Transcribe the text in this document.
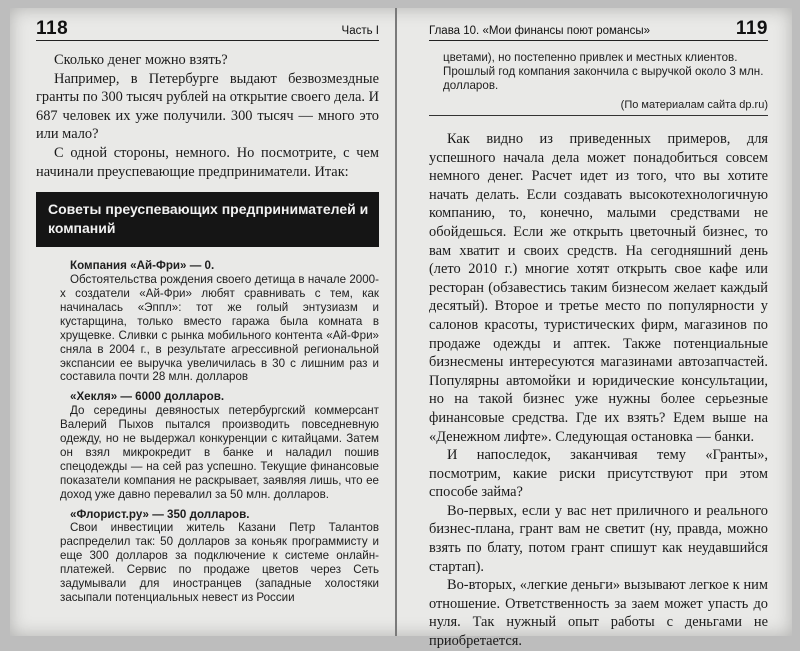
118	Часть I

Сколько денег можно взять?

Например, в Петербурге выдают безвозмездные гранты по 300 тысяч рублей на открытие своего дела. И 687 человек их уже получили. 300 тысяч — много это или мало?

С одной стороны, немного. Но посмотрите, с чем начинали преуспевающие предприниматели. Итак:

Советы преуспевающих предпринимателей и компаний
Компания «Ай-Фри» — 0.
Обстоятельства рождения своего детища в начале 2000-х создатели «Ай-Фри» любят сравнивать с тем, как начиналась «Эппл»: тот же голый энтузиазм и кустарщина, только вместо гаража была комната в хрущевке. Сливки с рынка мобильного контента «Ай-Фри» сняла в 2004 г., в результате агрессивной региональной экспансии ее выручка увеличилась в 30 с лишним раз и составила почти 28 млн. долларов
«Хекля» — 6000 долларов.
До середины девяностых петербургский коммерсант Валерий Пыхов пытался производить повседневную одежду, но не выдержал конкуренции с китайцами. Затем он взял микрокредит в банке и наладил пошив спецодежды — на сей раз успешно. Текущие финансовые показатели компания не раскрывает, заявляя лишь, что ее доход уже давно перевалил за 50 млн. долларов.
«Флорист.ру» — 350 долларов.
Свои инвестиции житель Казани Петр Талантов распределил так: 50 долларов за коньяк программисту и еще 300 долларов за подключение к системе онлайн-платежей. Сервис по продаже цветов через Сеть задумывали для иностранцев (западные холостяки засыпали потенциальных невест из России
Глава 10. «Мои финансы поют романсы»	119
цветами), но постепенно привлек и местных клиентов. Прошлый год компания закончила с выручкой около 3 млн. долларов.
(По материалам сайта dp.ru)

Как видно из приведенных примеров, для успешного начала дела может понадобиться совсем немного денег. Расчет идет из того, что вы хотите начать делать. Если создавать высокотехнологичную компанию, то, конечно, малыми средствами не обойдешься. Если же открыть цветочный бизнес, то вам хватит и своих средств. На сегодняшний день (лето 2010 г.) многие хотят открыть свое кафе или ресторан (обзавестись таким бизнесом желает каждый десятый). Второе и третье место по популярности у салонов красоты, туристических фирм, магазинов по продаже одежды и аптек. Также потенциальные бизнесмены интересуются магазинами автозапчастей. Популярны автомойки и юридические консультации, но на такой бизнес уже нужны более серьезные финансовые средства. Где их взять? Едем выше на «Денежном лифте». Следующая остановка — банки.

И напоследок, заканчивая тему «Гранты», посмотрим, какие риски присутствуют при этом способе займа?

Во-первых, если у вас нет приличного и реального бизнес-плана, грант вам не светит (ну, правда, можно взять по блату, потом грант спишут как неудавшийся стартап).

Во-вторых, «легкие деньги» вызывают легкое к ним отношение. Ответственность за заем может упасть до нуля. Так нужный опыт работы с деньгами не приобретается.
